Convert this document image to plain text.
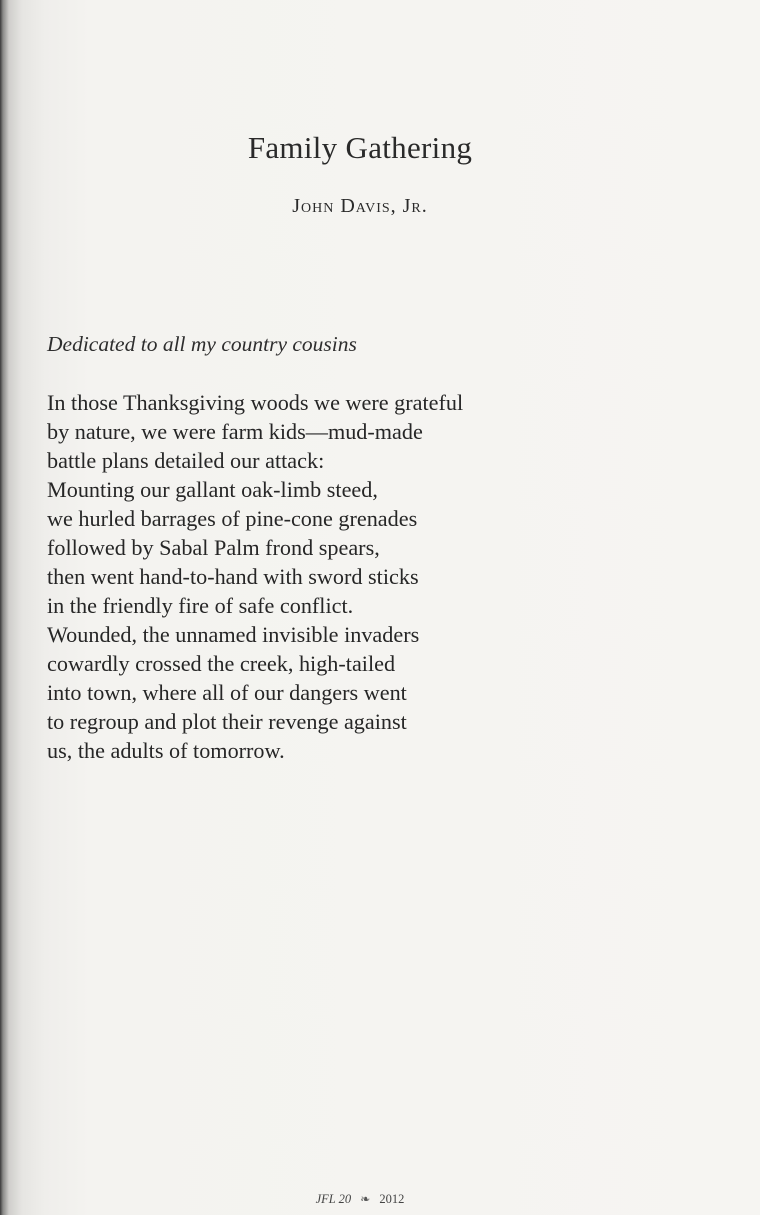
Family Gathering
John Davis, Jr.
Dedicated to all my country cousins
In those Thanksgiving woods we were grateful
by nature, we were farm kids—mud-made
battle plans detailed our attack:
Mounting our gallant oak-limb steed,
we hurled barrages of pine-cone grenades
followed by Sabal Palm frond spears,
then went hand-to-hand with sword sticks
in the friendly fire of safe conflict.
Wounded, the unnamed invisible invaders
cowardly crossed the creek, high-tailed
into town, where all of our dangers went
to regroup and plot their revenge against
us, the adults of tomorrow.
JFL 20 ❧ 2012
